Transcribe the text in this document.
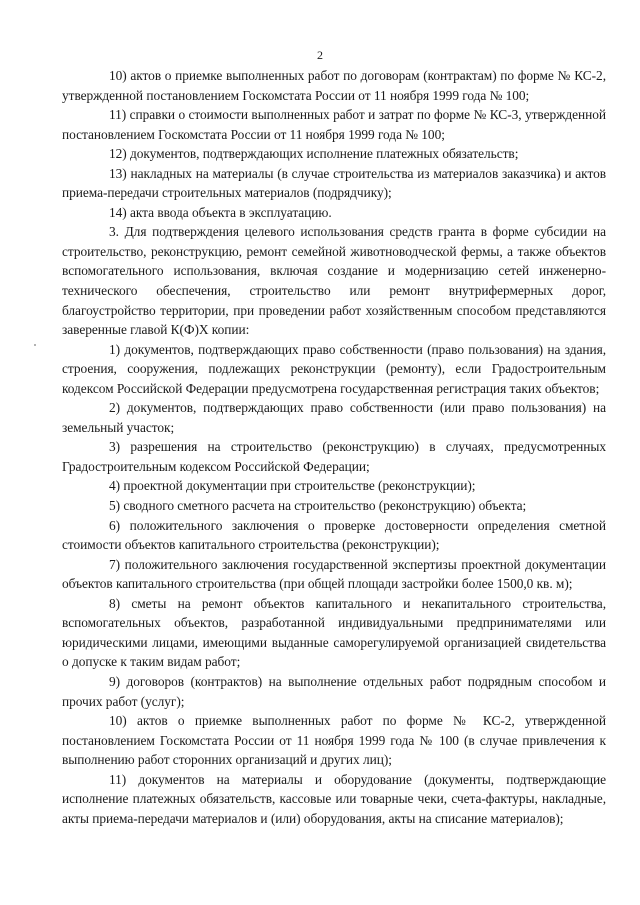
2

10) актов о приемке выполненных работ по договорам (контрактам) по форме № КС-2, утвержденной постановлением Госкомстата России от 11 ноября 1999 года № 100;

11) справки о стоимости выполненных работ и затрат по форме № КС-3, утвержденной постановлением Госкомстата России от 11 ноября 1999 года № 100;

12) документов, подтверждающих исполнение платежных обязательств;

13) накладных на материалы (в случае строительства из материалов заказчика) и актов приема-передачи строительных материалов (подрядчику);

14) акта ввода объекта в эксплуатацию.

3. Для подтверждения целевого использования средств гранта в форме субсидии на строительство, реконструкцию, ремонт семейной животноводческой фермы, а также объектов вспомогательного использования, включая создание и модернизацию сетей инженерно-технического обеспечения, строительство или ремонт внутрифермерных дорог, благоустройство территории, при проведении работ хозяйственным способом представляются заверенные главой К(Ф)Х копии:

1) документов, подтверждающих право собственности (право пользования) на здания, строения, сооружения, подлежащих реконструкции (ремонту), если Градостроительным кодексом Российской Федерации предусмотрена государственная регистрация таких объектов;

2) документов, подтверждающих право собственности (или право пользования) на земельный участок;

3) разрешения на строительство (реконструкцию) в случаях, предусмотренных Градостроительным кодексом Российской Федерации;

4) проектной документации при строительстве (реконструкции);

5) сводного сметного расчета на строительство (реконструкцию) объекта;

6) положительного заключения о проверке достоверности определения сметной стоимости объектов капитального строительства (реконструкции);

7) положительного заключения государственной экспертизы проектной документации объектов капитального строительства (при общей площади застройки более 1500,0 кв. м);

8) сметы на ремонт объектов капитального и некапитального строительства, вспомогательных объектов, разработанной индивидуальными предпринимателями или юридическими лицами, имеющими выданные саморегулируемой организацией свидетельства о допуске к таким видам работ;

9) договоров (контрактов) на выполнение отдельных работ подрядным способом и прочих работ (услуг);

10) актов о приемке выполненных работ по форме № КС-2, утвержденной постановлением Госкомстата России от 11 ноября 1999 года № 100 (в случае привлечения к выполнению работ сторонних организаций и других лиц);

11) документов на материалы и оборудование (документы, подтверждающие исполнение платежных обязательств, кассовые или товарные чеки, счета-фактуры, накладные, акты приема-передачи материалов и (или) оборудования, акты на списание материалов);
